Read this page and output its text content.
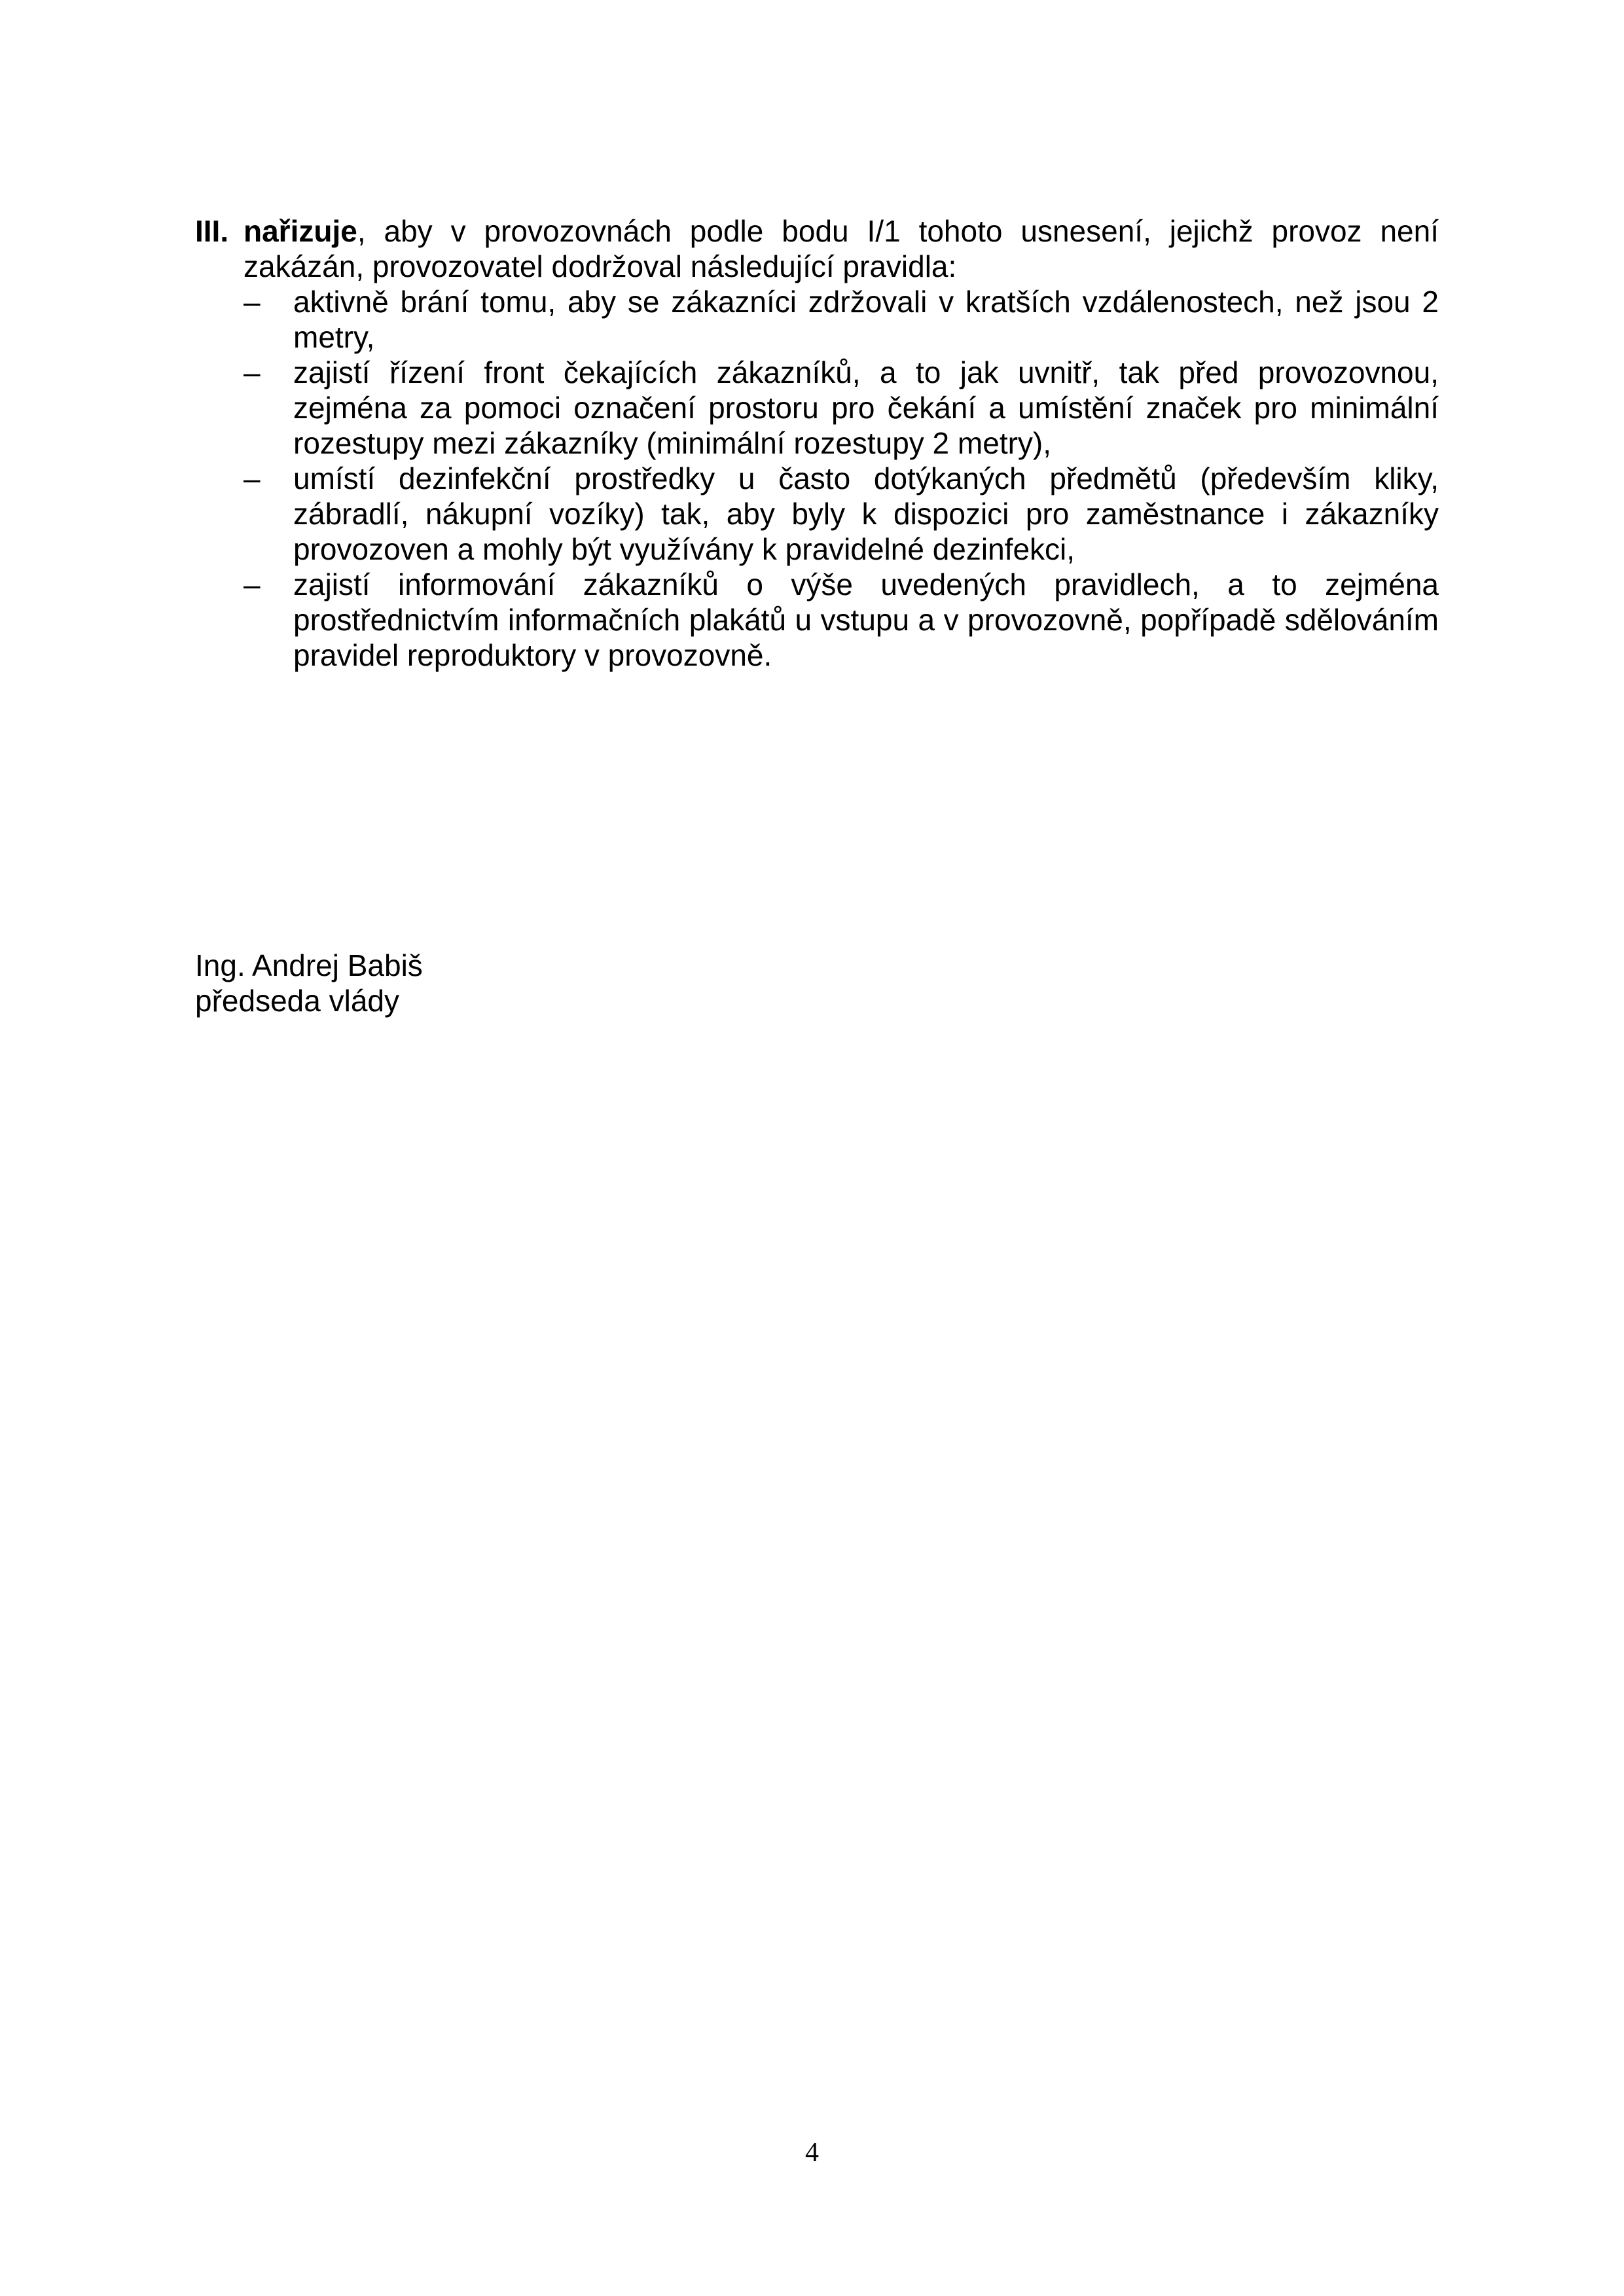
III. nařizuje, aby v provozovnách podle bodu I/1 tohoto usnesení, jejichž provoz není zakázán, provozovatel dodržoval následující pravidla:
– aktivně brání tomu, aby se zákazníci zdržovali v kratších vzdálenostech, než jsou 2 metry,
– zajistí řízení front čekajících zákazníků, a to jak uvnitř, tak před provozovnou, zejména za pomoci označení prostoru pro čekání a umístění značek pro minimální rozestupy mezi zákazníky (minimální rozestupy 2 metry),
– umístí dezinfekční prostředky u často dotýkaných předmětů (především kliky, zábradlí, nákupní vozíky) tak, aby byly k dispozici pro zaměstnance i zákazníky provozoven a mohly být využívány k pravidelné dezinfekci,
– zajistí informování zákazníků o výše uvedených pravidlech, a to zejména prostřednictvím informačních plakátů u vstupu a v provozovně, popřípadě sdělováním pravidel reproduktory v provozovně.
Ing. Andrej Babiš
předseda vlády
4
